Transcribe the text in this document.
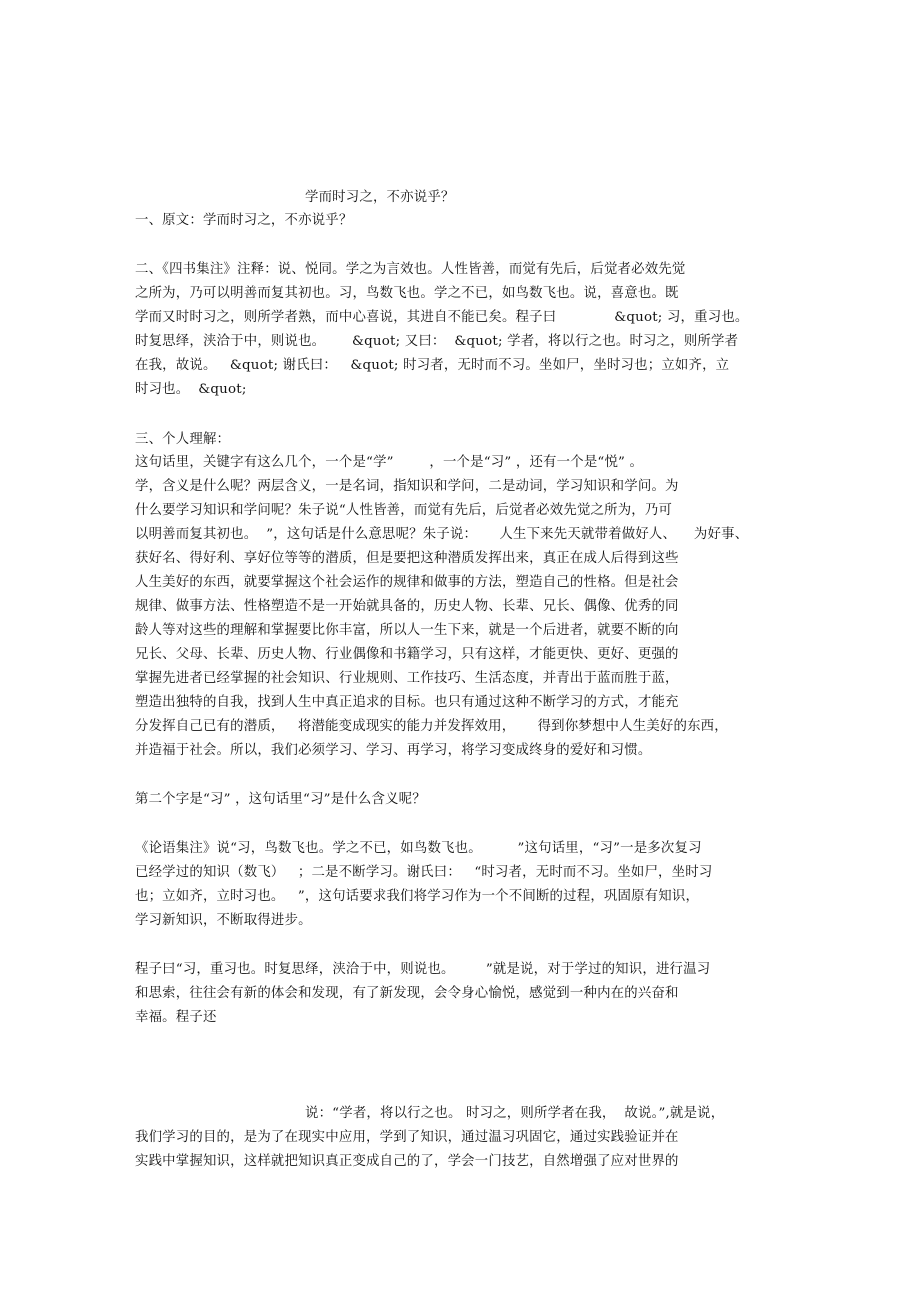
学而时习之，不亦说乎？
一、原文：学而时习之，不亦说乎？
二、《四书集注》注释：说、悦同。学之为言效也。人性皆善，而觉有先后，后觉者必效先觉
之所为，乃可以明善而复其初也。习，鸟数飞也。学之不已，如鸟数飞也。说，喜意也。既
学而又时时习之，则所学者熟，而中心喜说，其进自不能已矣。程子曰             &quot; 习，重习也。
时复思绎，浃洽于中，则说也。      &quot; 又曰：  &quot; 学者，将以行之也。时习之，则所学者
在我，故说。   &quot; 谢氏曰：   &quot; 时习者，无时而不习。坐如尸，坐时习也；立如齐，立
时习也。  &quot;
三、个人理解：
这句话里，关键字有这么几个，一个是“学”        ，一个是“习” ，还有一个是“悦” 。
学，含义是什么呢？两层含义，一是名词，指知识和学问，二是动词，学习知识和学问。为
什么要学习知识和学问呢？朱子说“人性皆善，而觉有先后，后觉者必效先觉之所为，乃可
以明善而复其初也。  ”，这句话是什么意思呢？朱子说：     人生下来先天就带着做好人、    为好事、
获好名、得好利、享好位等等的潜质，但是要把这种潜质发挥出来，真正在成人后得到这些
人生美好的东西，就要掌握这个社会运作的规律和做事的方法，塑造自己的性格。但是社会
规律、做事方法、性格塑造不是一开始就具备的，历史人物、长辈、兄长、偶像、优秀的同
龄人等对这些的理解和掌握要比你丰富，所以人一生下来，就是一个后进者，就要不断的向
兄长、父母、长辈、历史人物、行业偶像和书籍学习，只有这样，才能更快、更好、更强的
掌握先进者已经掌握的社会知识、行业规则、工作技巧、生活态度，并青出于蓝而胜于蓝，
塑造出独特的自我，找到人生中真正追求的目标。也只有通过这种不断学习的方式，才能充
分发挥自己已有的潜质，   将潜能变成现实的能力并发挥效用，     得到你梦想中人生美好的东西，
并造福于社会。所以，我们必须学习、学习、再学习，将学习变成终身的爱好和习惯。
第二个字是“习” ，这句话里“习”是什么含义呢？
《论语集注》说“习，鸟数飞也。学之不已，如鸟数飞也。        ”这句话里，“习”一是多次复习
已经学过的知识（数飞）   ；二是不断学习。谢氏曰：   “时习者，无时而不习。坐如尸，坐时习
也；立如齐，立时习也。   ”，这句话要求我们将学习作为一个不间断的过程，巩固原有知识，
学习新知识，不断取得进步。
程子曰“习，重习也。时复思绎，浃洽于中，则说也。       ”就是说，对于学过的知识，进行温习
和思索，往往会有新的体会和发现，有了新发现，会令身心愉悦，感觉到一种内在的兴奋和
幸福。程子还
说：“学者，将以行之也。 时习之，则所学者在我，  故说。”,就是说，
我们学习的目的，是为了在现实中应用，学到了知识，通过温习巩固它，通过实践验证并在
实践中掌握知识，这样就把知识真正变成自己的了，学会一门技艺，自然增强了应对世界的
